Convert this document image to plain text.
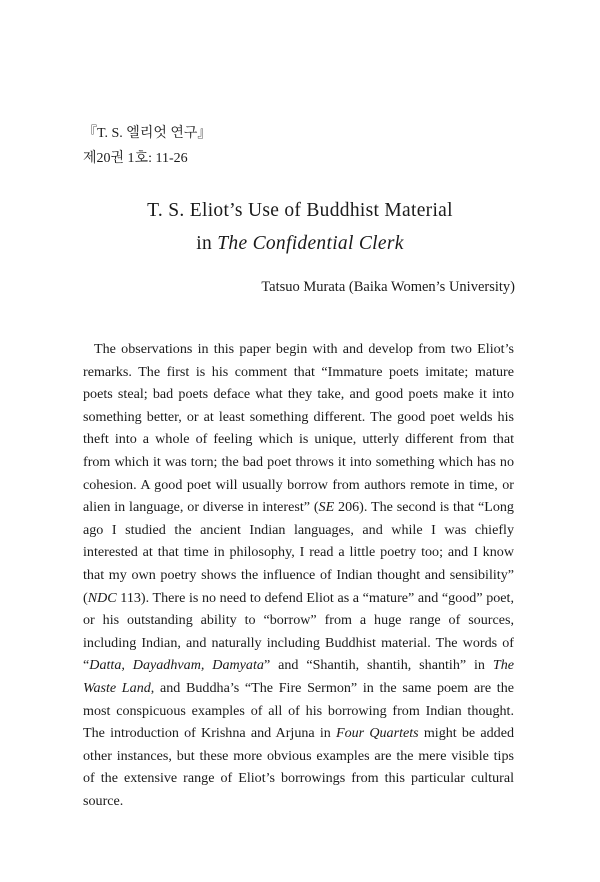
『T. S. 엘리엇 연구』
제20권 1호: 11-26
T. S. Eliot’s Use of Buddhist Material
in The Confidential Clerk
Tatsuo Murata (Baika Women’s University)

The observations in this paper begin with and develop from two Eliot’s remarks. The first is his comment that “Immature poets imitate; mature poets steal; bad poets deface what they take, and good poets make it into something better, or at least something different. The good poet welds his theft into a whole of feeling which is unique, utterly different from that from which it was torn; the bad poet throws it into something which has no cohesion. A good poet will usually borrow from authors remote in time, or alien in language, or diverse in interest” (SE 206). The second is that “Long ago I studied the ancient Indian languages, and while I was chiefly interested at that time in philosophy, I read a little poetry too; and I know that my own poetry shows the influence of Indian thought and sensibility” (NDC 113). There is no need to defend Eliot as a “mature” and “good” poet, or his outstanding ability to “borrow” from a huge range of sources, including Indian, and naturally including Buddhist material. The words of “Datta, Dayadhvam, Damyata” and “Shantih, shantih, shantih” in The Waste Land, and Buddha’s “The Fire Sermon” in the same poem are the most conspicuous examples of all of his borrowing from Indian thought. The introduction of Krishna and Arjuna in Four Quartets might be added other instances, but these more obvious examples are the mere visible tips of the extensive range of Eliot’s borrowings from this particular cultural source.
